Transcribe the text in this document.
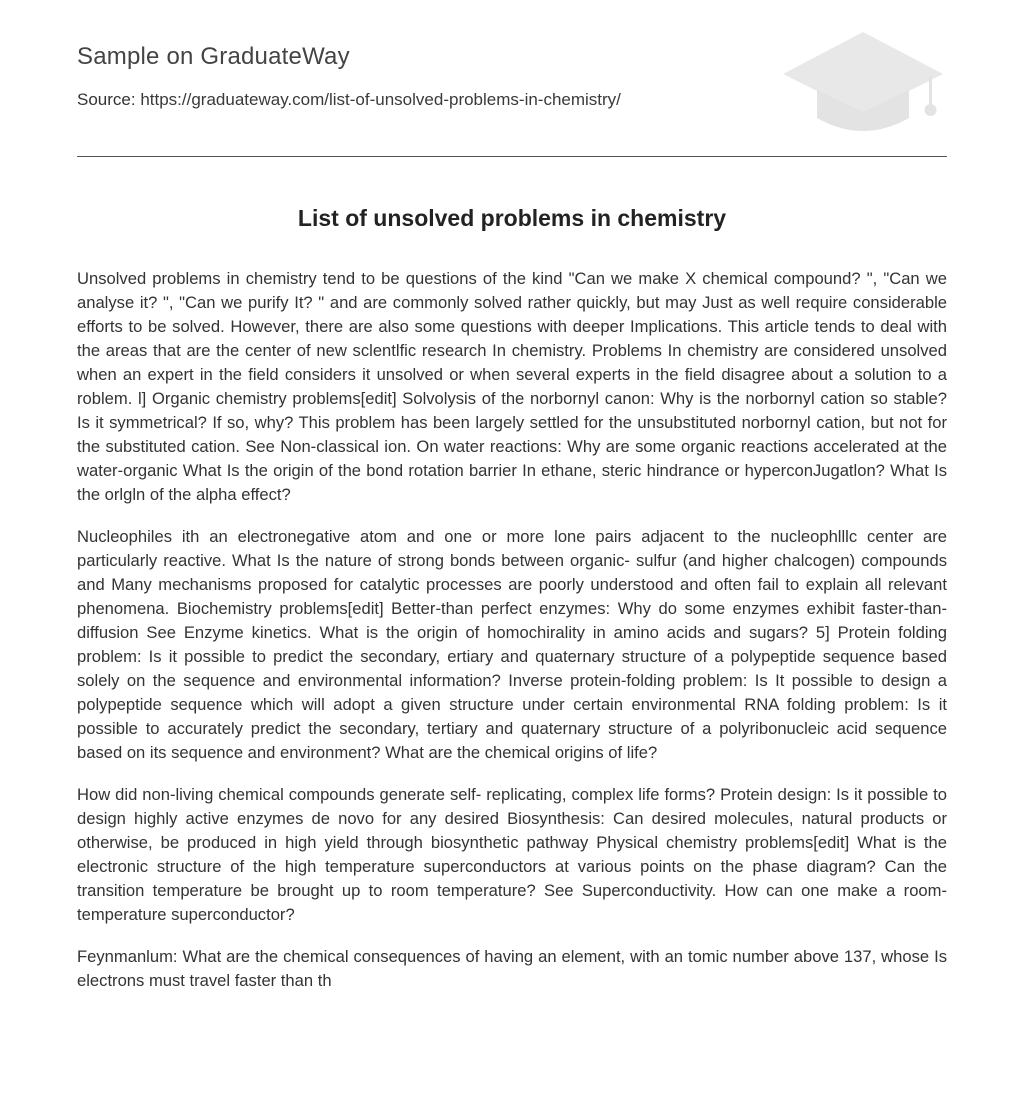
Sample on GraduateWay
Source: https://graduateway.com/list-of-unsolved-problems-in-chemistry/
List of unsolved problems in chemistry

Unsolved problems in chemistry tend to be questions of the kind "Can we make X chemical compound? ", "Can we analyse it? ", "Can we purify It? " and are commonly solved rather quickly, but may Just as well require considerable efforts to be solved. However, there are also some questions with deeper Implications. This article tends to deal with the areas that are the center of new sclentlfic research In chemistry. Problems In chemistry are considered unsolved when an expert in the field considers it unsolved or when several experts in the field disagree about a solution to a roblem. l] Organic chemistry problems[edit] Solvolysis of the norbornyl canon: Why is the norbornyl cation so stable? Is it symmetrical? If so, why? This problem has been largely settled for the unsubstituted norbornyl cation, but not for the substituted cation. See Non-classical ion. On water reactions: Why are some organic reactions accelerated at the water-organic What Is the origin of the bond rotation barrier In ethane, steric hindrance or hyperconJugatlon? What Is the orlgln of the alpha effect?

Nucleophiles ith an electronegative atom and one or more lone pairs adjacent to the nucleophlllc center are particularly reactive. What Is the nature of strong bonds between organic- sulfur (and higher chalcogen) compounds and Many mechanisms proposed for catalytic processes are poorly understood and often fail to explain all relevant phenomena. Biochemistry problems[edit] Better-than perfect enzymes: Why do some enzymes exhibit faster-than-diffusion See Enzyme kinetics. What is the origin of homochirality in amino acids and sugars? 5] Protein folding problem: Is it possible to predict the secondary, ertiary and quaternary structure of a polypeptide sequence based solely on the sequence and environmental information? Inverse protein-folding problem: Is It possible to design a polypeptide sequence which will adopt a given structure under certain environmental RNA folding problem: Is it possible to accurately predict the secondary, tertiary and quaternary structure of a polyribonucleic acid sequence based on its sequence and environment? What are the chemical origins of life?

How did non-living chemical compounds generate self- replicating, complex life forms? Protein design: Is it possible to design highly active enzymes de novo for any desired Biosynthesis: Can desired molecules, natural products or otherwise, be produced in high yield through biosynthetic pathway Physical chemistry problems[edit] What is the electronic structure of the high temperature superconductors at various points on the phase diagram? Can the transition temperature be brought up to room temperature? See Superconductivity. How can one make a room-temperature superconductor?

Feynmanlum: What are the chemical consequences of having an element, with an tomic number above 137, whose Is electrons must travel faster than th
